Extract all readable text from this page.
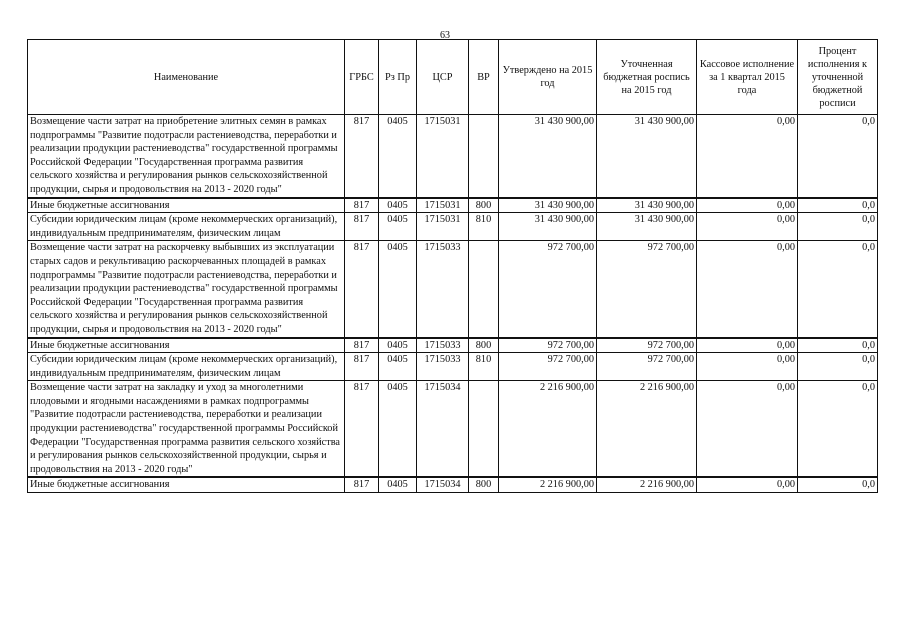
63
Наименование	ГРБС	Рз Пр	ЦСР	ВР	Утверждено на 2015 год	Уточненная бюджетная роспись на 2015 год	Кассовое исполнение за 1 квартал 2015 года	Процент исполнения к уточненной бюджетной росписи
Возмещение части затрат на приобретение элитных семян в рамках подпрограммы "Развитие подотрасли растениеводства, переработки и реализации продукции растениеводства" государственной программы Российской Федерации "Государственная программа развития сельского хозяйства и регулирования рынков сельскохозяйственной продукции, сырья и продовольствия на 2013 - 2020 годы"	817	0405	1715031		31 430 900,00	31 430 900,00	0,00	0,0
Иные бюджетные ассигнования	817	0405	1715031	800	31 430 900,00	31 430 900,00	0,00	0,0
Субсидии юридическим лицам (кроме некоммерческих организаций), индивидуальным предпринимателям, физическим лицам	817	0405	1715031	810	31 430 900,00	31 430 900,00	0,00	0,0
Возмещение части затрат на раскорчевку выбывших из эксплуатации старых садов и рекультивацию раскорчеванных площадей в рамках подпрограммы "Развитие подотрасли растениеводства, переработки и реализации продукции растениеводства" государственной программы Российской Федерации "Государственная программа развития сельского хозяйства и регулирования рынков сельскохозяйственной продукции, сырья и продовольствия на 2013 - 2020 годы"	817	0405	1715033		972 700,00	972 700,00	0,00	0,0
Иные бюджетные ассигнования	817	0405	1715033	800	972 700,00	972 700,00	0,00	0,0
Субсидии юридическим лицам (кроме некоммерческих организаций), индивидуальным предпринимателям, физическим лицам	817	0405	1715033	810	972 700,00	972 700,00	0,00	0,0
Возмещение части затрат на закладку и уход за многолетними плодовыми и ягодными насаждениями в рамках подпрограммы "Развитие подотрасли растениеводства, переработки и реализации продукции растениеводства" государственной программы Российской Федерации "Государственная программа развития сельского хозяйства и регулирования рынков сельскохозяйственной продукции, сырья и продовольствия на 2013 - 2020 годы"	817	0405	1715034		2 216 900,00	2 216 900,00	0,00	0,0
Иные бюджетные ассигнования	817	0405	1715034	800	2 216 900,00	2 216 900,00	0,00	0,0
